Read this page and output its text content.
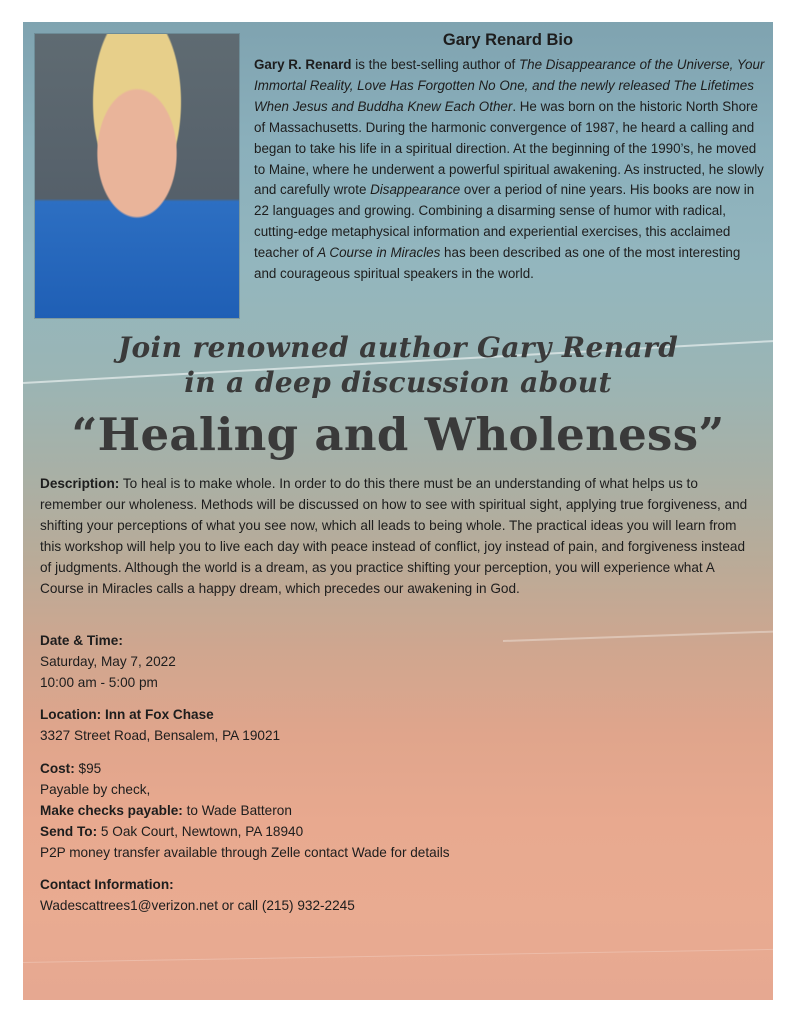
Gary Renard Bio

Gary R. Renard is the best-selling author of The Disappearance of the Universe, Your Immortal Reality, Love Has Forgotten No One, and the newly released The Lifetimes When Jesus and Buddha Knew Each Other. He was born on the historic North Shore of Massachusetts. During the harmonic convergence of 1987, he heard a calling and began to take his life in a spiritual direction. At the beginning of the 1990’s, he moved to Maine, where he underwent a powerful spiritual awakening. As instructed, he slowly and carefully wrote Disappearance over a period of nine years. His books are now in 22 languages and growing. Combining a disarming sense of humor with radical, cutting-edge metaphysical information and experiential exercises, this acclaimed teacher of A Course in Miracles has been described as one of the most interesting and courageous spiritual speakers in the world.

Join renowned author Gary Renard
in a deep discussion about
“Healing and Wholeness”

Description: To heal is to make whole. In order to do this there must be an understanding of what helps us to remember our wholeness. Methods will be discussed on how to see with spiritual sight, applying true forgiveness, and shifting your perceptions of what you see now, which all leads to being whole. The practical ideas you will learn from this workshop will help you to live each day with peace instead of conflict, joy instead of pain, and forgiveness instead of judgments. Although the world is a dream, as you practice shifting your perception, you will experience what A Course in Miracles calls a happy dream, which precedes our awakening in God.

Date & Time:
Saturday, May 7, 2022
10:00 am - 5:00 pm
Location: Inn at Fox Chase
3327 Street Road, Bensalem, PA 19021
Cost: $95
Payable by check,
Make checks payable: to Wade Batteron
Send To: 5 Oak Court, Newtown, PA 18940
P2P money transfer available through Zelle contact Wade for details
Contact Information:
Wadescattrees1@verizon.net or call (215) 932-2245
